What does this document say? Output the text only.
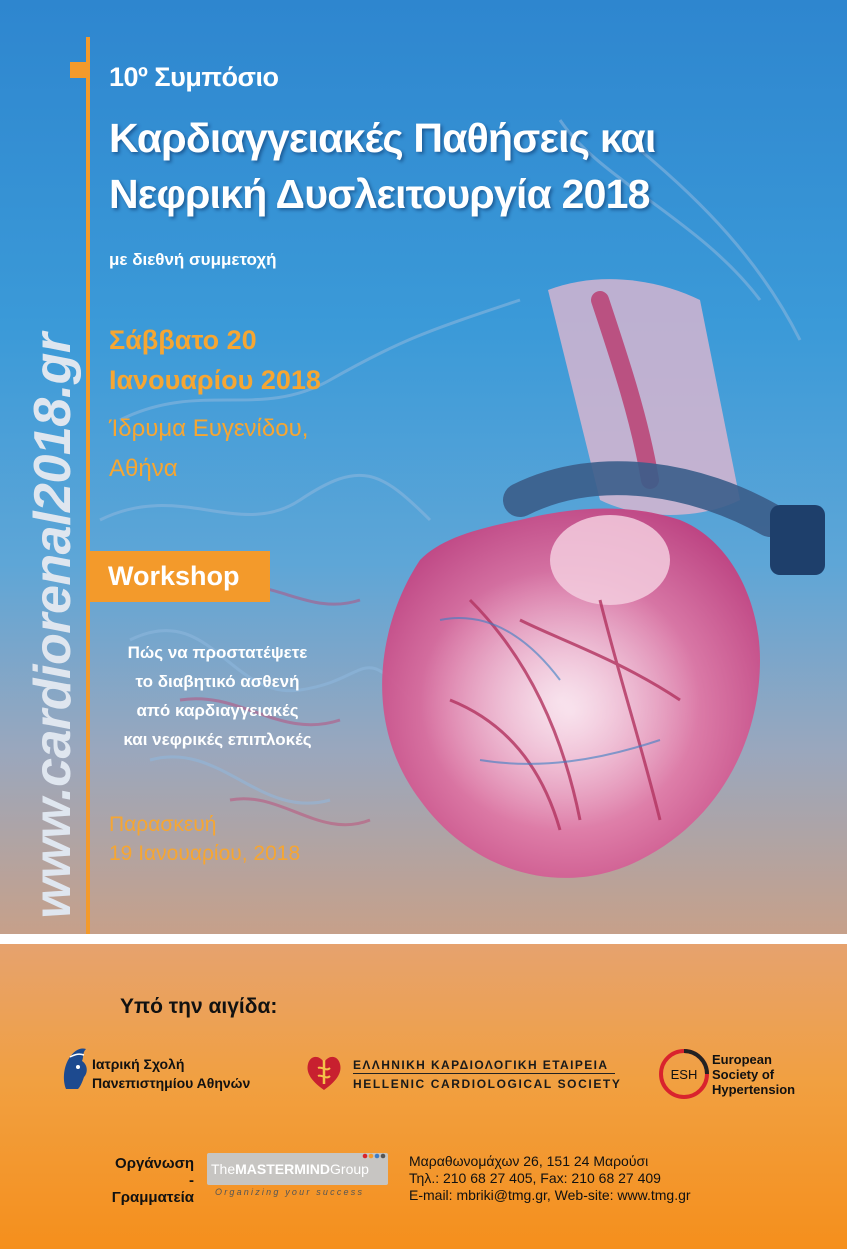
www.cardiorenal2018.gr
10º Συμπόσιο
Καρδιαγγειακές Παθήσεις και
Νεφρική Δυσλειτουργία 2018
με διεθνή συμμετοχή
Σάββατο 20
Ιανουαρίου 2018
Ίδρυμα Ευγενίδου,
Αθήνα
Workshop
Πώς να προστατέψετε
το διαβητικό ασθενή
από καρδιαγγειακές
και νεφρικές επιπλοκές
Παρασκευή
19 Ιανουαρίου, 2018
Υπό την αιγίδα:
Ιατρική Σχολή
Πανεπιστημίου Αθηνών
ΕΛΛΗΝΙΚΗ ΚΑΡΔΙΟΛΟΓΙΚΗ ΕΤΑΙΡΕΙΑ
HELLENIC CARDIOLOGICAL SOCIETY
ESH
European
Society of
Hypertension
Οργάνωση -
Γραμματεία
TheMASTERMINDGroup
Organizing your success
Μαραθωνομάχων 26, 151 24 Μαρούσι
Τηλ.: 210 68 27 405, Fax: 210 68 27 409
E-mail: mbriki@tmg.gr, Web-site: www.tmg.gr
